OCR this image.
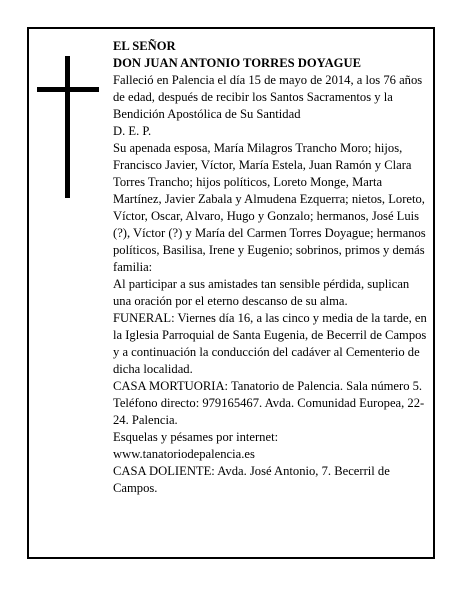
EL SEÑOR

DON JUAN ANTONIO TORRES DOYAGUE

Falleció en Palencia el día 15 de mayo de 2014, a los 76 años de edad, después de recibir los Santos Sacramentos y la Bendición Apostólica de Su Santidad

D. E. P.

Su apenada esposa, María Milagros Trancho Moro; hijos, Francisco Javier, Víctor, María Estela, Juan Ramón y Clara Torres Trancho; hijos políticos, Loreto Monge, Marta Martínez, Javier Zabala y Almudena Ezquerra; nietos, Loreto, Víctor, Oscar, Alvaro, Hugo y Gonzalo; hermanos, José Luis (?), Víctor (?) y María del Carmen Torres Doyague; hermanos políticos, Basilisa, Irene y Eugenio; sobrinos, primos y demás familia:

Al participar a sus amistades tan sensible pérdida, suplican una oración por el eterno descanso de su alma.

FUNERAL: Viernes día 16, a las cinco y media de la tarde, en la Iglesia Parroquial de Santa Eugenia, de Becerril de Campos y a continuación la conducción del cadáver al Cementerio de dicha localidad.

CASA MORTUORIA: Tanatorio de Palencia. Sala número 5. Teléfono directo: 979165467. Avda. Comunidad Europea, 22-24. Palencia.

Esquelas y pésames por internet:

www.tanatoriodepalencia.es

CASA DOLIENTE: Avda. José Antonio, 7. Becerril de Campos.
